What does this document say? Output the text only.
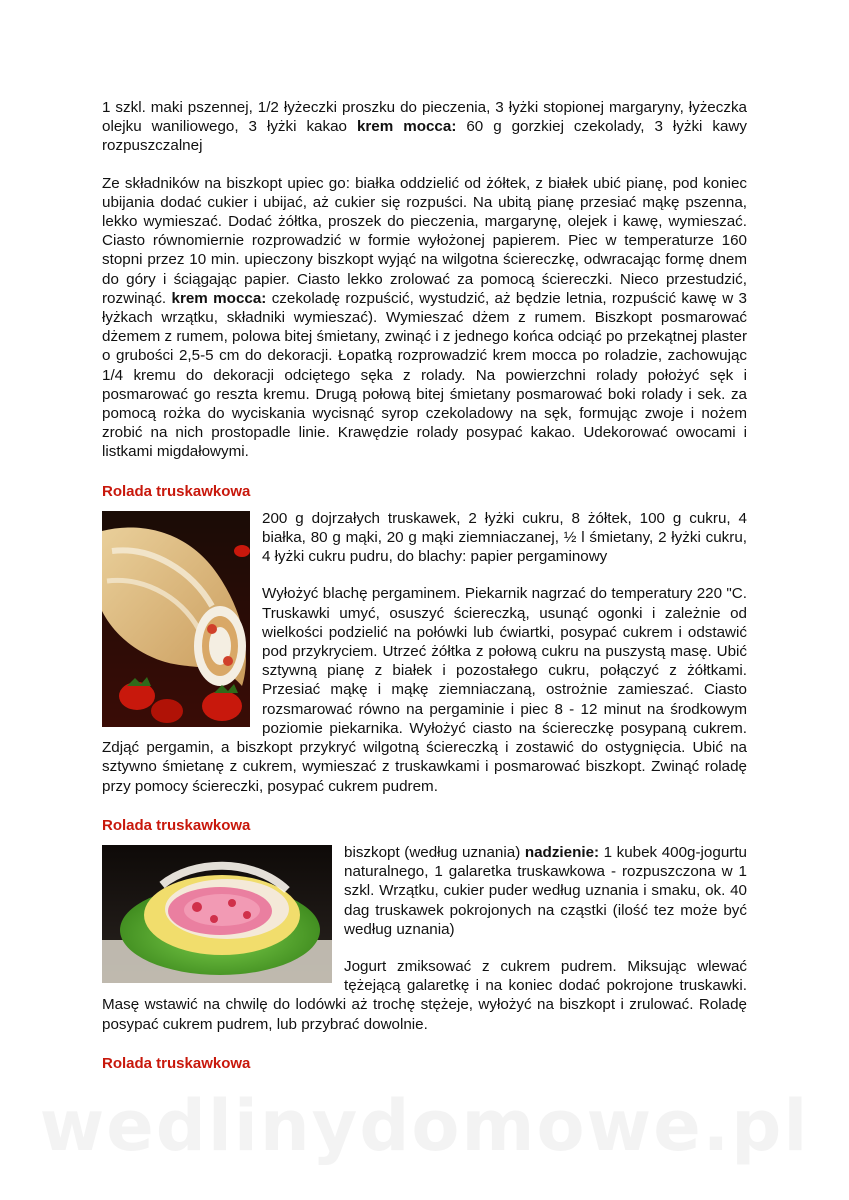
1 szkl. maki pszennej, 1/2 łyżeczki proszku do pieczenia, 3 łyżki stopionej margaryny, łyżeczka olejku waniliowego, 3 łyżki kakao krem mocca: 60 g gorzkiej czekolady, 3 łyżki kawy rozpuszczalnej

Ze składników na biszkopt upiec go: białka oddzielić od żółtek, z białek ubić pianę, pod koniec ubijania dodać cukier i ubijać, aż cukier się rozpuści. Na ubitą pianę przesiać mąkę pszenna, lekko wymieszać. Dodać żółtka, proszek do pieczenia, margarynę, olejek i kawę, wymieszać. Ciasto równomiernie rozprowadzić w formie wyłożonej papierem. Piec w temperaturze 160 stopni przez 10 min. upieczony biszkopt wyjąć na wilgotna ściereczkę, odwracając formę dnem do góry i ściągając papier. Ciasto lekko zrolować za pomocą ściereczki. Nieco przestudzić, rozwinąć. krem mocca: czekoladę rozpuścić, wystudzić, aż będzie letnia, rozpuścić kawę w 3 łyżkach wrzątku, składniki wymieszać). Wymieszać dżem z rumem. Biszkopt posmarować dżemem z rumem, polowa bitej śmietany, zwinąć i z jednego końca odciąć po przekątnej plaster o grubości 2,5-5 cm do dekoracji. Łopatką rozprowadzić krem mocca po roladzie, zachowując 1/4 kremu do dekoracji odciętego sęka z rolady. Na powierzchni rolady położyć sęk i posmarować go reszta kremu. Drugą połową bitej śmietany posmarować boki rolady i sek. za pomocą rożka do wyciskania wycisnąć syrop czekoladowy na sęk, formując zwoje i nożem zrobić na nich prostopadle linie. Krawędzie rolady posypać kakao. Udekorować owocami i listkami migdałowymi.

Rolada truskawkowa

200 g dojrzałych truskawek, 2 łyżki cukru, 8 żółtek, 100 g cukru, 4 białka, 80 g mąki, 20 g mąki ziemniaczanej, ½ l śmietany, 2 łyżki cukru, 4 łyżki cukru pudru, do blachy: papier pergaminowy

Wyłożyć blachę pergaminem. Piekarnik nagrzać do temperatury 220 "C. Truskawki umyć, osuszyć ściereczką, usunąć ogonki i zależnie od wielkości podzielić na połówki lub ćwiartki, posypać cukrem i odstawić pod przykryciem. Utrzeć żółtka z połową cukru na puszystą masę. Ubić sztywną pianę z białek i pozostałego cukru, połączyć z żółtkami. Przesiać mąkę i mąkę ziemniaczaną, ostrożnie zamieszać. Ciasto rozsmarować równo na pergaminie i piec 8 - 12 minut na środkowym poziomie piekarnika. Wyłożyć ciasto na ściereczkę posypaną cukrem. Zdjąć pergamin, a biszkopt przykryć wilgotną ściereczką i zostawić do ostygnięcia. Ubić na sztywno śmietanę z cukrem, wymieszać z truskawkami i posmarować biszkopt. Zwinąć roladę przy pomocy ściereczki, posypać cukrem pudrem.

Rolada truskawkowa

biszkopt (według uznania) nadzienie: 1 kubek 400g-jogurtu naturalnego, 1 galaretka truskawkowa - rozpuszczona w 1 szkl. Wrzątku, cukier puder według uznania i smaku, ok. 40 dag truskawek pokrojonych na cząstki (ilość tez może być według uznania)

Jogurt zmiksować z cukrem pudrem. Miksując wlewać tężejącą galaretkę i na koniec dodać pokrojone truskawki. Masę wstawić na chwilę do lodówki aż trochę stężeje, wyłożyć na biszkopt i zrulować. Roladę posypać cukrem pudrem, lub przybrać dowolnie.

Rolada truskawkowa
wedlinydomowe.pl
